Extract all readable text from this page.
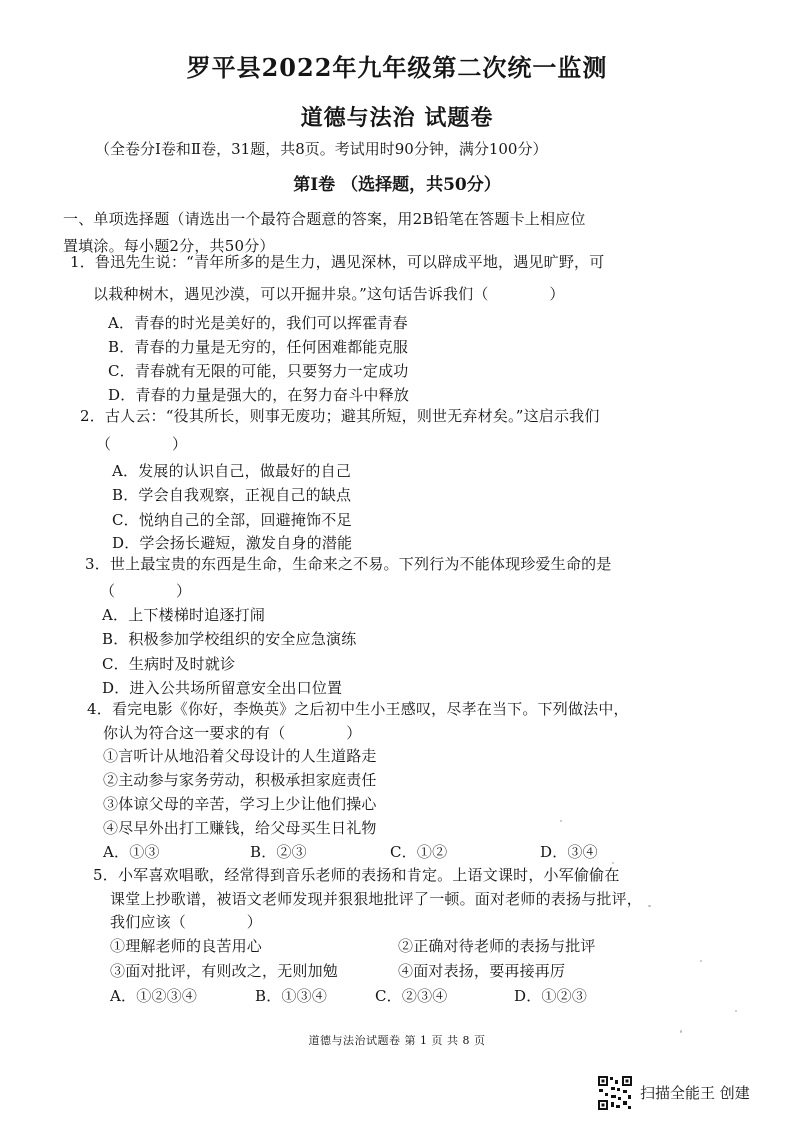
罗平县2022年九年级第二次统一监测
道德与法治 试题卷
（全卷分Ⅰ卷和Ⅱ卷，31题，共8页。考试用时90分钟，满分100分）
第Ⅰ卷 （选择题，共50分）
一、单项选择题（请选出一个最符合题意的答案，用2B铅笔在答题卡上相应位
置填涂。每小题2分，共50分）
1．鲁迅先生说：“青年所多的是生力，遇见深林，可以辟成平地，遇见旷野，可
以栽种树木，遇见沙漠，可以开掘井泉。”这句话告诉我们（　　　　）
A．青春的时光是美好的，我们可以挥霍青春
B．青春的力量是无穷的，任何困难都能克服
C．青春就有无限的可能，只要努力一定成功
D．青春的力量是强大的，在努力奋斗中释放
2．古人云：“役其所长，则事无废功；避其所短，则世无弃材矣。”这启示我们
（　　　　）
A．发展的认识自己，做最好的自己
B．学会自我观察，正视自己的缺点
C．悦纳自己的全部，回避掩饰不足
D．学会扬长避短，激发自身的潜能
3．世上最宝贵的东西是生命，生命来之不易。下列行为不能体现珍爱生命的是
（　　　　）
A．上下楼梯时追逐打闹
B．积极参加学校组织的安全应急演练
C．生病时及时就诊
D．进入公共场所留意安全出口位置
4．看完电影《你好，李焕英》之后初中生小王感叹，尽孝在当下。下列做法中，
你认为符合这一要求的有（　　　　）
①言听计从地沿着父母设计的人生道路走
②主动参与家务劳动，积极承担家庭责任
③体谅父母的辛苦，学习上少让他们操心
④尽早外出打工赚钱，给父母买生日礼物
A．①③	B．②③	C．①②	D．③④
5．小军喜欢唱歌，经常得到音乐老师的表扬和肯定。上语文课时，小军偷偷在
课堂上抄歌谱，被语文老师发现并狠狠地批评了一顿。面对老师的表扬与批评，
我们应该（　　　　）
①理解老师的良苦用心	②正确对待老师的表扬与批评
③面对批评，有则改之，无则加勉	④面对表扬，要再接再厉
A．①②③④	B．①③④	C．②③④	D．①②③
道德与法治试题卷 第 1 页 共 8 页
扫描全能王 创建
